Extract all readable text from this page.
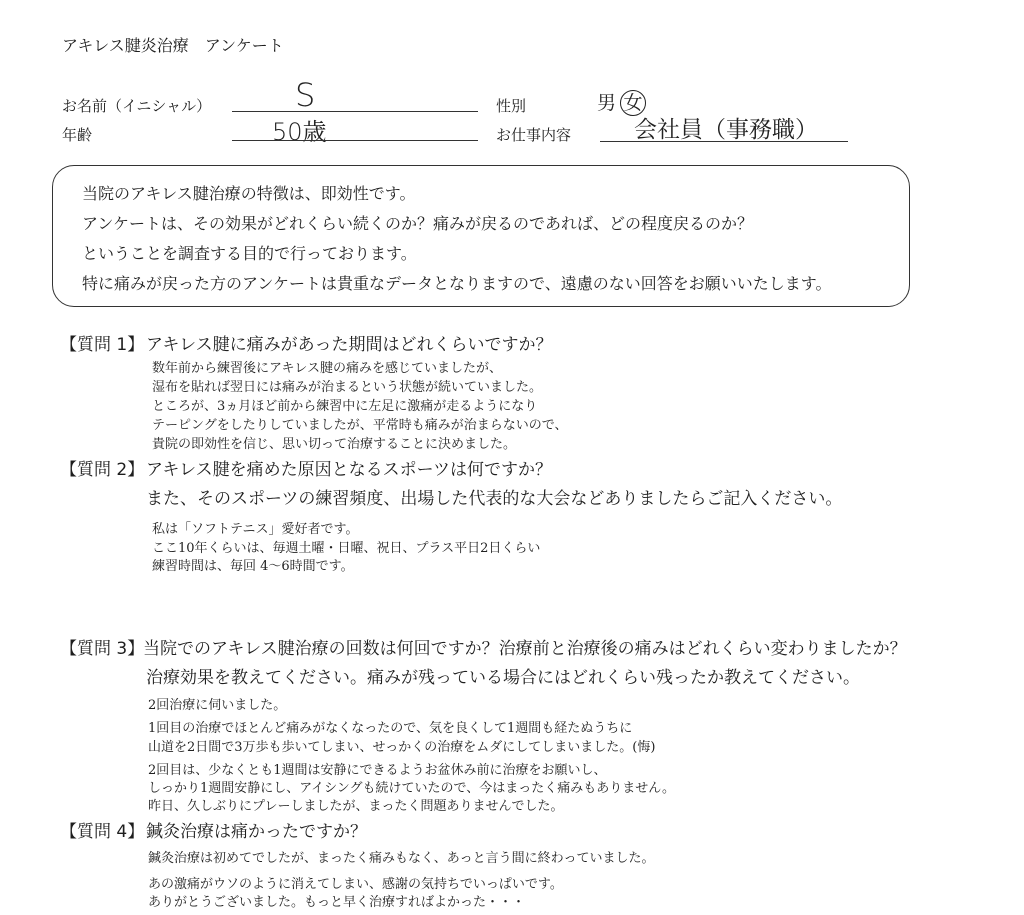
アキレス腱炎治療　アンケート
お名前（イニシャル）	S
年齢	50歳
性別	男 女
お仕事内容	会社員（事務職）
当院のアキレス腱治療の特徴は、即効性です。
アンケートは、その効果がどれくらい続くのか？痛みが戻るのであれば、どの程度戻るのか？
ということを調査する目的で行っております。
特に痛みが戻った方のアンケートは貴重なデータとなりますので、遠慮のない回答をお願いいたします。
【質問 1】 アキレス腱に痛みがあった期間はどれくらいですか？
数年前から練習後にアキレス腱の痛みを感じていましたが、
湿布を貼れば翌日には痛みが治まるという状態が続いていました。
ところが、3ヵ月ほど前から練習中に左足に激痛が走るようになり
テーピングをしたりしていましたが、平常時も痛みが治まらないので、
貴院の即効性を信じ、思い切って治療することに決めました。
【質問 2】 アキレス腱を痛めた原因となるスポーツは何ですか？
また、そのスポーツの練習頻度、出場した代表的な大会などありましたらご記入ください。
私は「ソフトテニス」愛好者です。
ここ10年くらいは、毎週土曜・日曜、祝日、プラス平日2日くらい
練習時間は、毎回 4～6時間です。
【質問 3】
当院でのアキレス腱治療の回数は何回ですか？治療前と治療後の痛みはどれくらい変わりましたか？
治療効果を教えてください。痛みが残っている場合にはどれくらい残ったか教えてください。
2回治療に伺いました。
1回目の治療でほとんど痛みがなくなったので、気を良くして1週間も経たぬうちに
山道を2日間で3万歩も歩いてしまい、せっかくの治療をムダにしてしまいました。(悔)
2回目は、少なくとも1週間は安静にできるようお盆休み前に治療をお願いし、
しっかり1週間安静にし、アイシングも続けていたので、今はまったく痛みもありません。
昨日、久しぶりにプレーしましたが、まったく問題ありませんでした。
【質問 4】 鍼灸治療は痛かったですか？
鍼灸治療は初めてでしたが、まったく痛みもなく、あっと言う間に終わっていました。
あの激痛がウソのように消えてしまい、感謝の気持ちでいっぱいです。
ありがとうございました。もっと早く治療すればよかった・・・
